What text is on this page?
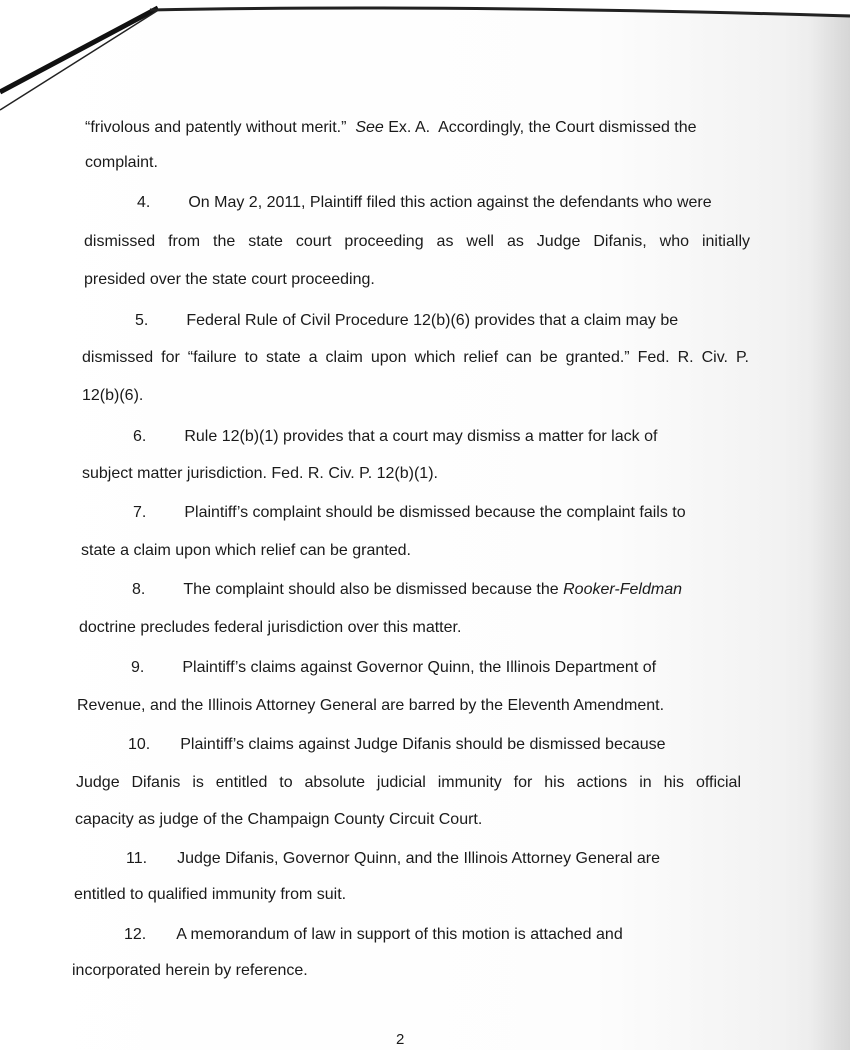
“frivolous and patently without merit.”  See Ex. A.  Accordingly, the Court dismissed the

complaint.

4. On May 2, 2011, Plaintiff filed this action against the defendants who were

dismissed from the state court proceeding as well as Judge Difanis, who initially

presided over the state court proceeding.

5. Federal Rule of Civil Procedure 12(b)(6) provides that a claim may be

dismissed for “failure to state a claim upon which relief can be granted.” Fed. R. Civ. P.

12(b)(6).

6. Rule 12(b)(1) provides that a court may dismiss a matter for lack of

subject matter jurisdiction. Fed. R. Civ. P. 12(b)(1).

7. Plaintiff’s complaint should be dismissed because the complaint fails to

state a claim upon which relief can be granted.

8. The complaint should also be dismissed because the Rooker-Feldman

doctrine precludes federal jurisdiction over this matter.

9. Plaintiff’s claims against Governor Quinn, the Illinois Department of

Revenue, and the Illinois Attorney General are barred by the Eleventh Amendment.

10. Plaintiff’s claims against Judge Difanis should be dismissed because

Judge Difanis is entitled to absolute judicial immunity for his actions in his official

capacity as judge of the Champaign County Circuit Court.

11. Judge Difanis, Governor Quinn, and the Illinois Attorney General are

entitled to qualified immunity from suit.

12. A memorandum of law in support of this motion is attached and

incorporated herein by reference.

2
